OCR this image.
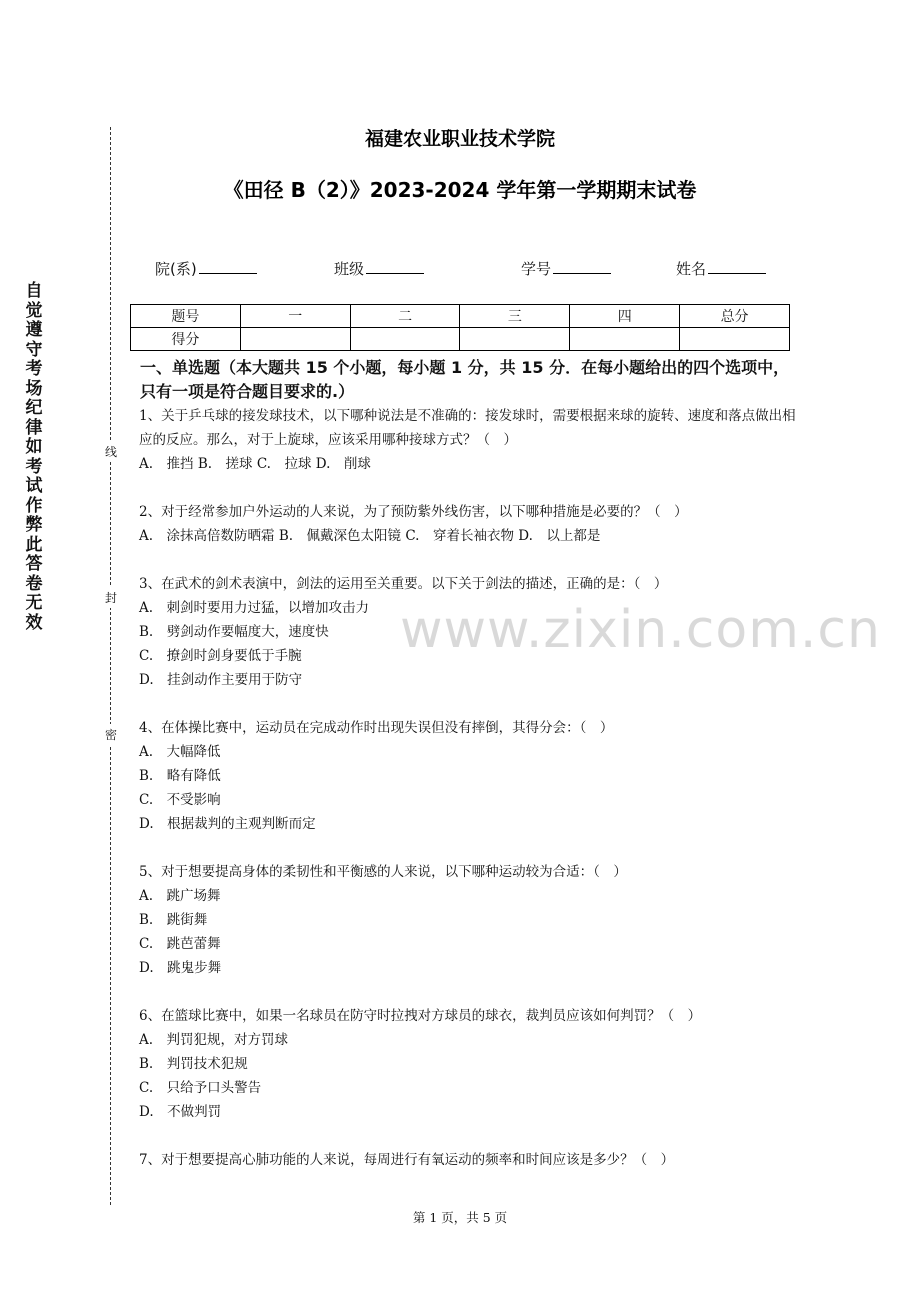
自觉遵守考场纪律如考试作弊此答卷无效
线
封
密
福建农业职业技术学院
《田径 B（2）》2023-2024 学年第一学期期末试卷
院(系)	班级	学号	姓名
题号	一	二	三	四	总分
得分					
一、单选题（本大题共 15 个小题，每小题 1 分，共 15 分．在每小题给出的四个选项中，只有一项是符合题目要求的.）
1、关于乒乓球的接发球技术，以下哪种说法是不准确的：接发球时，需要根据来球的旋转、速度和落点做出相应的反应。那么，对于上旋球，应该采用哪种接球方式？（　）
A.　推挡 B.　搓球 C.　拉球 D.　削球
2、对于经常参加户外运动的人来说，为了预防紫外线伤害，以下哪种措施是必要的？（　）
A.　涂抹高倍数防晒霜 B.　佩戴深色太阳镜 C.　穿着长袖衣物 D.　以上都是
3、在武术的剑术表演中，剑法的运用至关重要。以下关于剑法的描述，正确的是：（　）
A.　刺剑时要用力过猛，以增加攻击力
B.　劈剑动作要幅度大，速度快
C.　撩剑时剑身要低于手腕
D.　挂剑动作主要用于防守
4、在体操比赛中，运动员在完成动作时出现失误但没有摔倒，其得分会：（　）
A.　大幅降低
B.　略有降低
C.　不受影响
D.　根据裁判的主观判断而定
5、对于想要提高身体的柔韧性和平衡感的人来说，以下哪种运动较为合适：（　）
A.　跳广场舞
B.　跳街舞
C.　跳芭蕾舞
D.　跳鬼步舞
6、在篮球比赛中，如果一名球员在防守时拉拽对方球员的球衣，裁判员应该如何判罚？（　）
A.　判罚犯规，对方罚球
B.　判罚技术犯规
C.　只给予口头警告
D.　不做判罚
7、对于想要提高心肺功能的人来说，每周进行有氧运动的频率和时间应该是多少？（　）
www.zixin.com.cn
第 1 页，共 5 页
